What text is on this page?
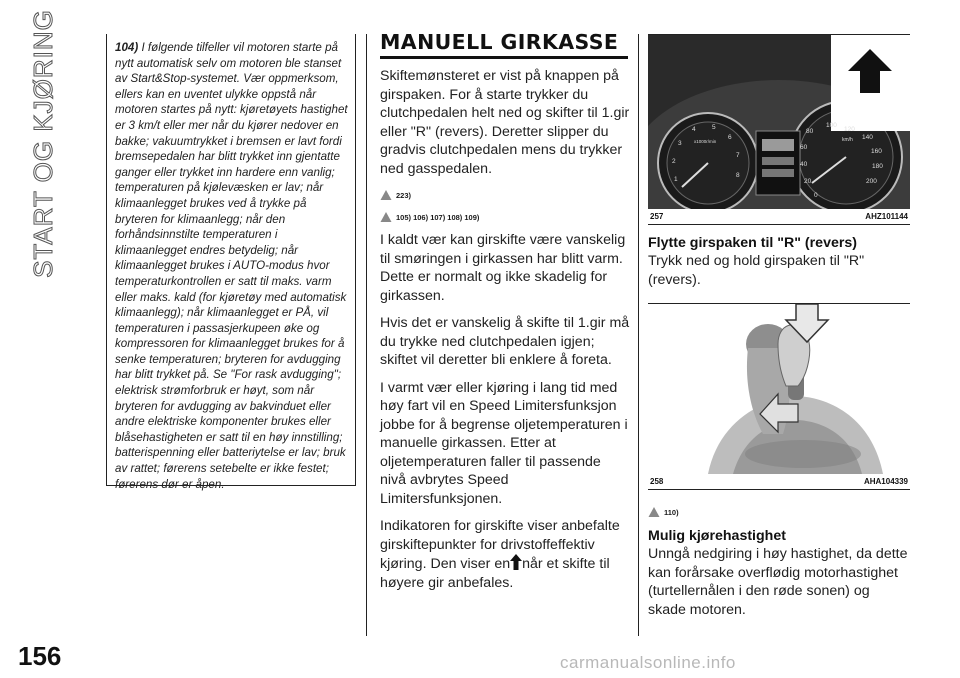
START OG KJØRING	104) I følgende tilfeller vil motoren starte på nytt automatisk selv om motoren ble stanset av Start&Stop-systemet. Vær oppmerksom, ellers kan en uventet ulykke oppstå når motoren startes på nytt: kjøretøyets hastighet er 3 km/t eller mer når du kjører nedover en bakke; vakuumtrykket i bremsen er lavt fordi bremsepedalen har blitt trykket inn gjentatte ganger eller trykket inn hardere enn vanlig; temperaturen på kjølevæsken er lav; når klimaanlegget brukes ved å trykke på bryteren for klimaanlegg; når den forhåndsinnstilte temperaturen i klimaanlegget endres betydelig; når klimaanlegget brukes i AUTO-modus hvor temperaturkontrollen er satt til maks. varm eller maks. kald (for kjøretøy med automatisk klimaanlegg); når klimaanlegget er PÅ, vil temperaturen i passasjerkupeen øke og kompressoren for klimaanlegget brukes for å senke temperaturen; bryteren for avdugging har blitt trykket på. Se "For rask avdugging"; elektrisk strømforbruk er høyt, som når bryteren for avdugging av bakvinduet eller andre elektriske komponenter brukes eller blåsehastigheten er satt til en høy innstilling; batterispenning eller batteriytelse er lav; bruk av rattet; førerens setebelte er ikke festet; førerens dør er åpen.
MANUELL GIRKASSE

Skiftemønsteret er vist på knappen på girspaken. For å starte trykker du clutchpedalen helt ned og skifter til 1.gir eller "R" (revers). Deretter slipper du gradvis clutchpedalen mens du trykker ned gasspedalen.

223)
105) 106) 107) 108) 109)

I kaldt vær kan girskifte være vanskelig til smøringen i girkassen har blitt varm. Dette er normalt og ikke skadelig for girkassen.

Hvis det er vanskelig å skifte til 1.gir må du trykke ned clutchpedalen igjen; skiftet vil deretter bli enklere å foreta.

I varmt vær eller kjøring i lang tid med høy fart vil en Speed Limitersfunksjon jobbe for å begrense oljetemperaturen i manuelle girkassen. Etter at oljetemperaturen faller til passende nivå avbrytes Speed Limitersfunksjonen.

Indikatoren for girskifte viser anbefalte girskiftepunkter for drivstoffeffektiv kjøring. Den viser en når et skifte til høyere gir anbefales.

100
120
140
160
180
200
80
60
40
20
0
km/h
x1000r/min
1
2
3
4	5
6
7
8
257	AHZ101144
Flytte girspaken til "R" (revers)

Trykk ned og hold girspaken til "R" (revers).

258	AHA104339
110)
Mulig kjørehastighet

Unngå nedgiring i høy hastighet, da dette kan forårsake overflødig motorhastighet (turtellernålen i den røde sonen) og skade motoren.

156	carmanualsonline.info
